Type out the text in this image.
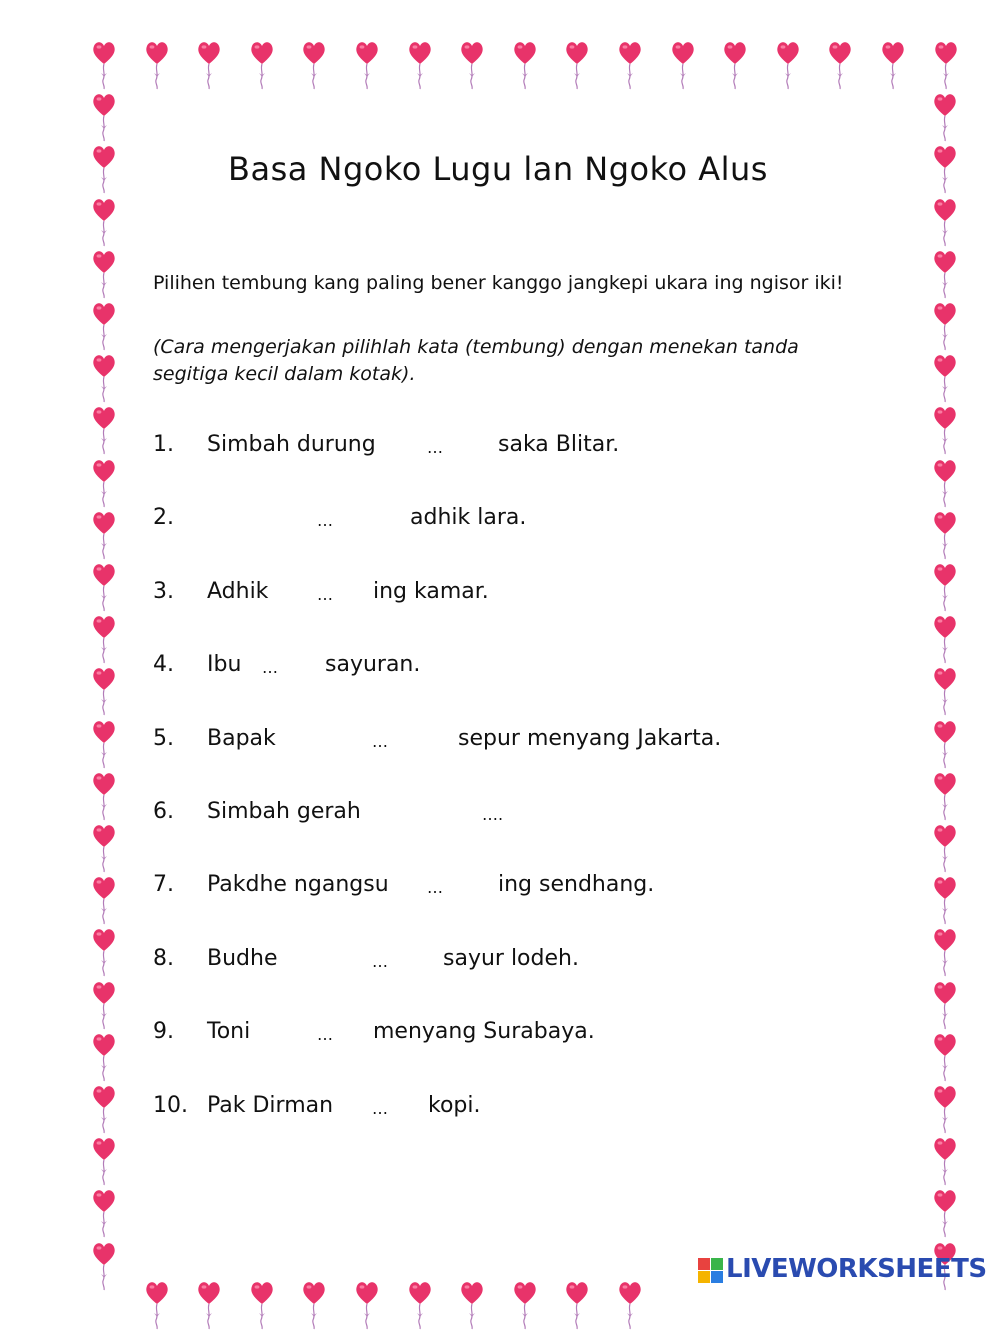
Basa Ngoko Lugu lan Ngoko Alus
Pilihen tembung kang paling bener kanggo jangkepi ukara ing ngisor iki!
(Cara mengerjakan pilihlah kata (tembung) dengan menekan tanda segitiga kecil dalam kotak).
1. Simbah durung	…	saka Blitar.
2.	…	adhik lara.
3. Adhik	… ing kamar.
4. Ibu … sayuran.
5. Bapak	…	sepur menyang Jakarta.
6. Simbah gerah	….
7. Pakdhe ngangsu …	ing sendhang.
8. Budhe	…	sayur lodeh.
9. Toni	… menyang Surabaya.
10. Pak Dirman … kopi.
LIVEWORKSHEETS
